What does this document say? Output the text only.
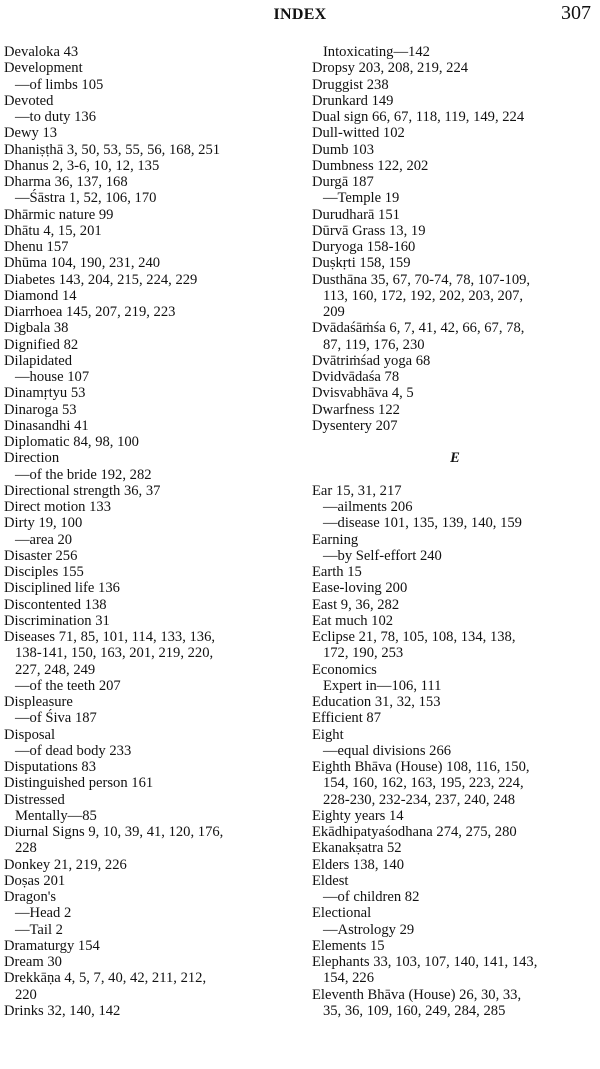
INDEX	307
Devaloka 43
Development
—of limbs 105
Devoted
—to duty 136
Dewy 13
Dhaniṣṭhā 3, 50, 53, 55, 56, 168, 251
Dhanus 2, 3-6, 10, 12, 135
Dharma 36, 137, 168
—Śāstra 1, 52, 106, 170
Dhārmic nature 99
Dhātu 4, 15, 201
Dhenu 157
Dhūma 104, 190, 231, 240
Diabetes 143, 204, 215, 224, 229
Diamond 14
Diarrhoea 145, 207, 219, 223
Digbala 38
Dignified 82
Dilapidated
—house 107
Dinamṛtyu 53
Dinaroga 53
Dinasandhi 41
Diplomatic 84, 98, 100
Direction
—of the bride 192, 282
Directional strength 36, 37
Direct motion 133
Dirty 19, 100
—area 20
Disaster 256
Disciples 155
Disciplined life 136
Discontented 138
Discrimination 31
Diseases 71, 85, 101, 114, 133, 136,
138-141, 150, 163, 201, 219, 220,
227, 248, 249
—of the teeth 207
Displeasure
—of Śiva 187
Disposal
—of dead body 233
Disputations 83
Distinguished person 161
Distressed
Mentally—85
Diurnal Signs 9, 10, 39, 41, 120, 176,
228
Donkey 21, 219, 226
Doṣas 201
Dragon's
—Head 2
—Tail 2
Dramaturgy 154
Dream 30
Drekkāṇa 4, 5, 7, 40, 42, 211, 212,
220
Drinks 32, 140, 142
Intoxicating—142
Dropsy 203, 208, 219, 224
Druggist 238
Drunkard 149
Dual sign 66, 67, 118, 119, 149, 224
Dull-witted 102
Dumb 103
Dumbness 122, 202
Durgā 187
—Temple 19
Durudharā 151
Dūrvā Grass 13, 19
Duryoga 158-160
Duṣkṛti 158, 159
Dusthāna 35, 67, 70-74, 78, 107-109,
113, 160, 172, 192, 202, 203, 207,
209
Dvādaśāṁśa 6, 7, 41, 42, 66, 67, 78,
87, 119, 176, 230
Dvātriṁśad yoga 68
Dvidvādaśa 78
Dvisvabhāva 4, 5
Dwarfness 122
Dysentery 207
E
Ear 15, 31, 217
—ailments 206
—disease 101, 135, 139, 140, 159
Earning
—by Self-effort 240
Earth 15
Ease-loving 200
East 9, 36, 282
Eat much 102
Eclipse 21, 78, 105, 108, 134, 138,
172, 190, 253
Economics
Expert in—106, 111
Education 31, 32, 153
Efficient 87
Eight
—equal divisions 266
Eighth Bhāva (House) 108, 116, 150,
154, 160, 162, 163, 195, 223, 224,
228-230, 232-234, 237, 240, 248
Eighty years 14
Ekādhipatyaśodhana 274, 275, 280
Ekanakṣatra 52
Elders 138, 140
Eldest
—of children 82
Electional
—Astrology 29
Elements 15
Elephants 33, 103, 107, 140, 141, 143,
154, 226
Eleventh Bhāva (House) 26, 30, 33,
35, 36, 109, 160, 249, 284, 285
